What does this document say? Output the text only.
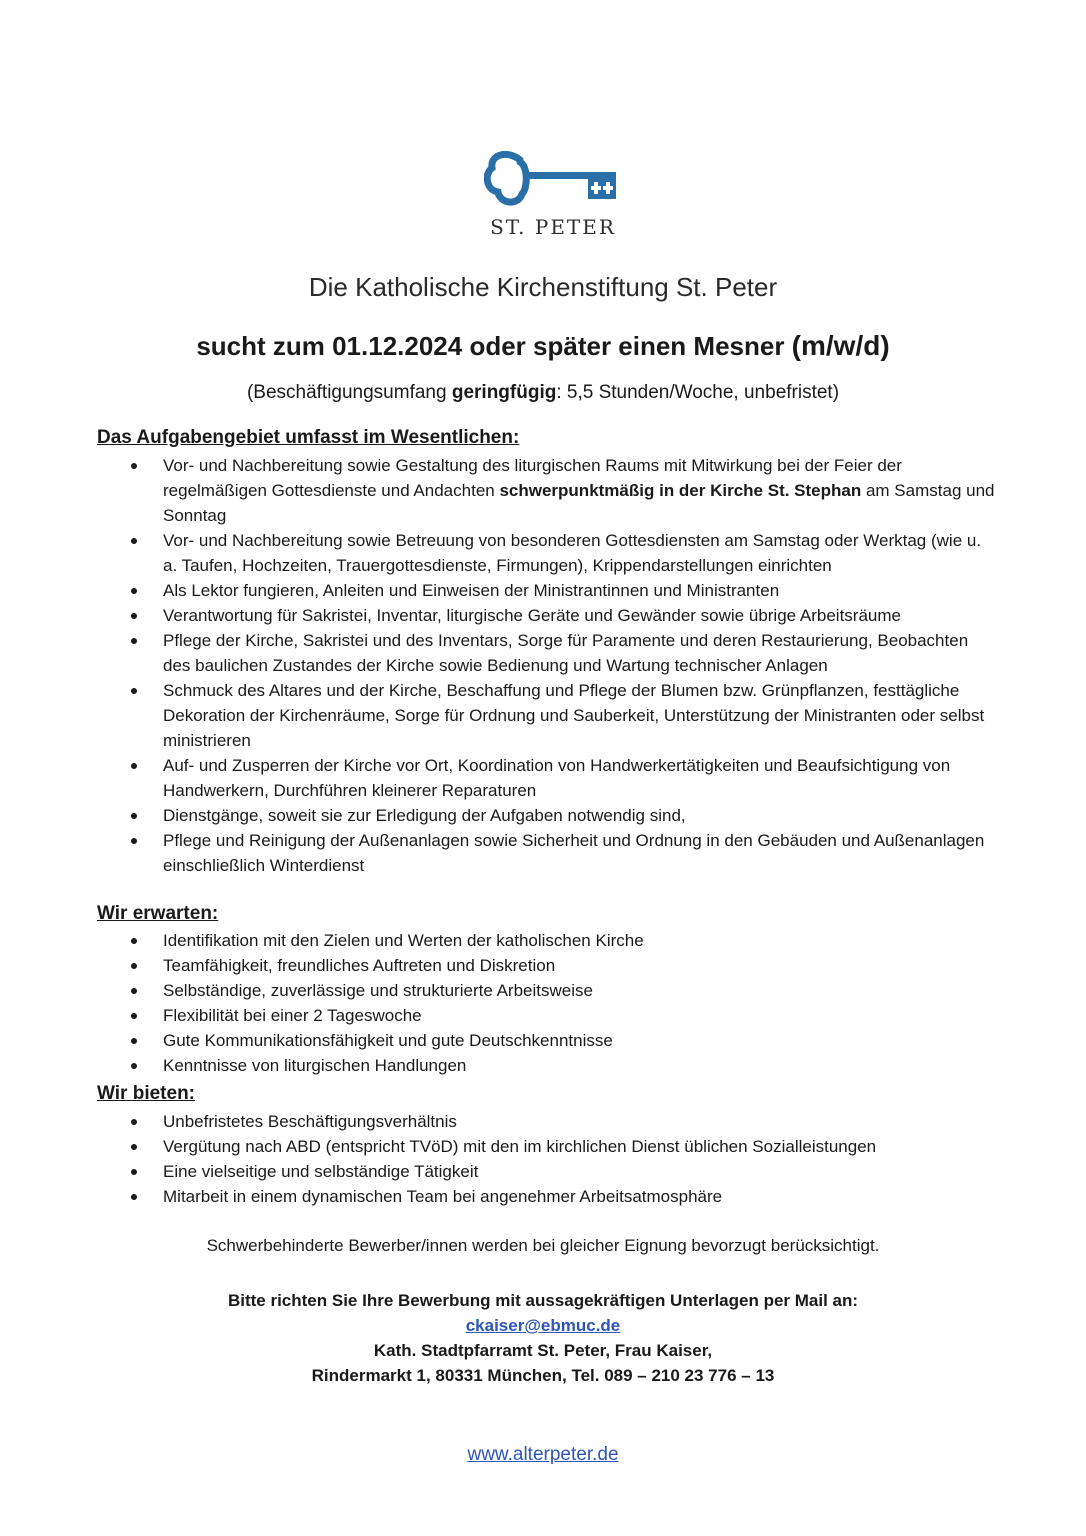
ST. PETER
Die Katholische Kirchenstiftung St. Peter
sucht zum 01.12.2024 oder später einen Mesner (m/w/d)
(Beschäftigungsumfang geringfügig: 5,5 Stunden/Woche, unbefristet)
Das Aufgabengebiet umfasst im Wesentlichen:
Vor- und Nachbereitung sowie Gestaltung des liturgischen Raums mit Mitwirkung bei der Feier der regelmäßigen Gottesdienste und Andachten schwerpunktmäßig in der Kirche St. Stephan am Samstag und Sonntag
Vor- und Nachbereitung sowie Betreuung von besonderen Gottesdiensten am Samstag oder Werktag (wie u. a. Taufen, Hochzeiten, Trauergottesdienste, Firmungen), Krippendarstellungen einrichten
Als Lektor fungieren, Anleiten und Einweisen der Ministrantinnen und Ministranten
Verantwortung für Sakristei, Inventar, liturgische Geräte und Gewänder sowie übrige Arbeitsräume
Pflege der Kirche, Sakristei und des Inventars, Sorge für Paramente und deren Restaurierung, Beobachten des baulichen Zustandes der Kirche sowie Bedienung und Wartung technischer Anlagen
Schmuck des Altares und der Kirche, Beschaffung und Pflege der Blumen bzw. Grünpflanzen, festtägliche Dekoration der Kirchenräume, Sorge für Ordnung und Sauberkeit, Unterstützung der Ministranten oder selbst ministrieren
Auf- und Zusperren der Kirche vor Ort, Koordination von Handwerkertätigkeiten und Beaufsichtigung von Handwerkern, Durchführen kleinerer Reparaturen
Dienstgänge, soweit sie zur Erledigung der Aufgaben notwendig sind,
Pflege und Reinigung der Außenanlagen sowie Sicherheit und Ordnung in den Gebäuden und Außenanlagen einschließlich Winterdienst
Wir erwarten:
Identifikation mit den Zielen und Werten der katholischen Kirche
Teamfähigkeit, freundliches Auftreten und Diskretion
Selbständige, zuverlässige und strukturierte Arbeitsweise
Flexibilität bei einer 2 Tageswoche
Gute Kommunikationsfähigkeit und gute Deutschkenntnisse
Kenntnisse von liturgischen Handlungen
Wir bieten:
Unbefristetes Beschäftigungsverhältnis
Vergütung nach ABD (entspricht TVöD) mit den im kirchlichen Dienst üblichen Sozialleistungen
Eine vielseitige und selbständige Tätigkeit
Mitarbeit in einem dynamischen Team bei angenehmer Arbeitsatmosphäre
Schwerbehinderte Bewerber/innen werden bei gleicher Eignung bevorzugt berücksichtigt.
Bitte richten Sie Ihre Bewerbung mit aussagekräftigen Unterlagen per Mail an:
ckaiser@ebmuc.de
Kath. Stadtpfarramt St. Peter, Frau Kaiser,
Rindermarkt 1, 80331 München, Tel. 089 – 210 23 776 – 13
www.alterpeter.de
